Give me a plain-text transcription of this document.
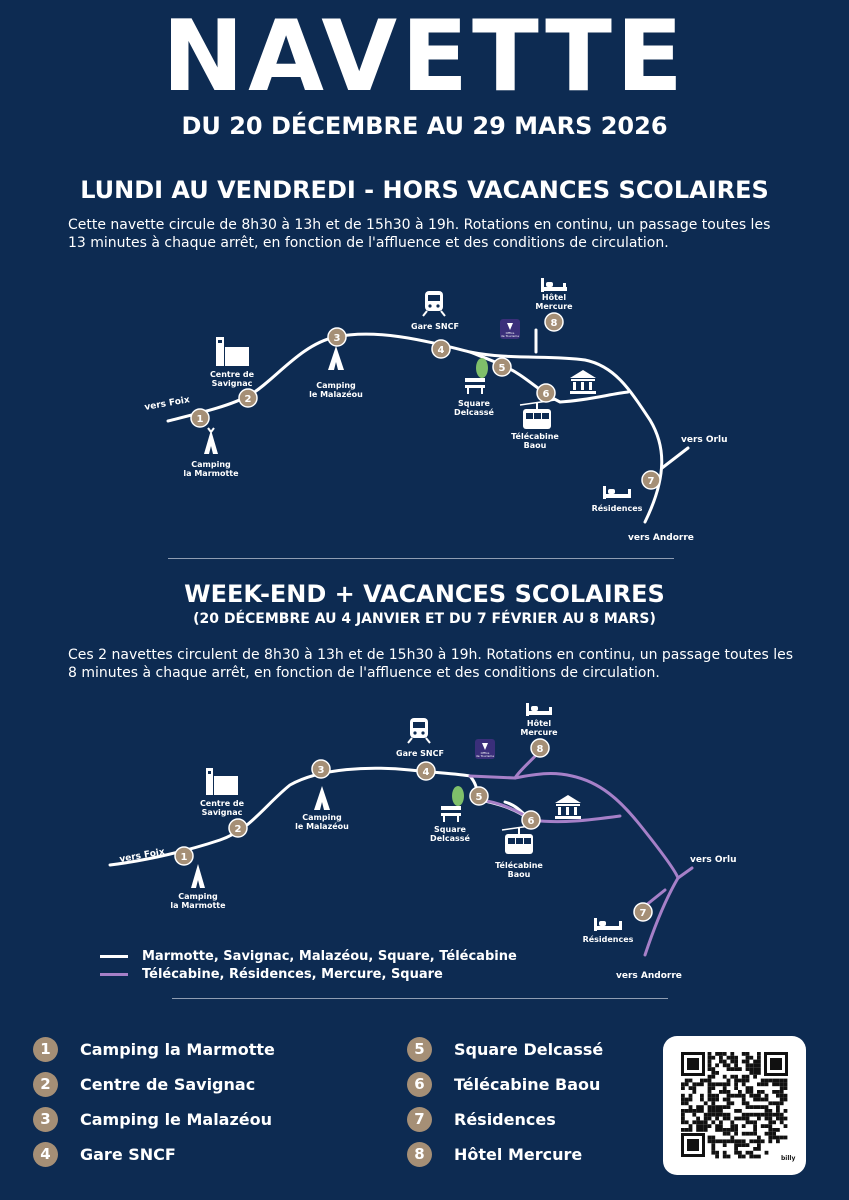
NAVETTE
DU 20 DÉCEMBRE AU 29 MARS 2026
LUNDI AU VENDREDI - HORS VACANCES SCOLAIRES
Cette navette circule de 8h30 à 13h et de 15h30 à 19h. Rotations en continu, un passage toutes les
13 minutes à chaque arrêt, en fonction de l'affluence et des conditions de circulation.
vers Foix
vers Orlu
vers Andorre
Camping
la Marmotte
Centre de
Savignac	Camping
le Malazéou
Gare SNCF
Office
de Tourisme
Hôtel
Mercure
Square
Delcassé
Télécabine
Baou
Résidences
1
2
3
4
5
6
7
8
WEEK-END + VACANCES SCOLAIRES
(20 DÉCEMBRE AU 4 JANVIER ET DU 7 FÉVRIER AU 8 MARS)
Ces 2 navettes circulent de 8h30 à 13h et de 15h30 à 19h. Rotations en continu, un passage toutes les
8 minutes à chaque arrêt, en fonction de l'affluence et des conditions de circulation.
vers Foix	vers Orlu
vers Andorre
Camping
la Marmotte
Centre de
Savignac
Camping
le Malazéou
Gare SNCF	Office
de Tourisme
Hôtel
Mercure
Square
Delcassé
Télécabine
Baou
Résidences
1
2
3	4
5
6
7
8
Marmotte, Savignac, Malazéou, Square, Télécabine
Télécabine, Résidences, Mercure, Square
1	Camping la Marmotte
2	Centre de Savignac
3	Camping le Malazéou
4	Gare SNCF
5	Square Delcassé
6	Télécabine Baou
7	Résidences
8	Hôtel Mercure	billy
